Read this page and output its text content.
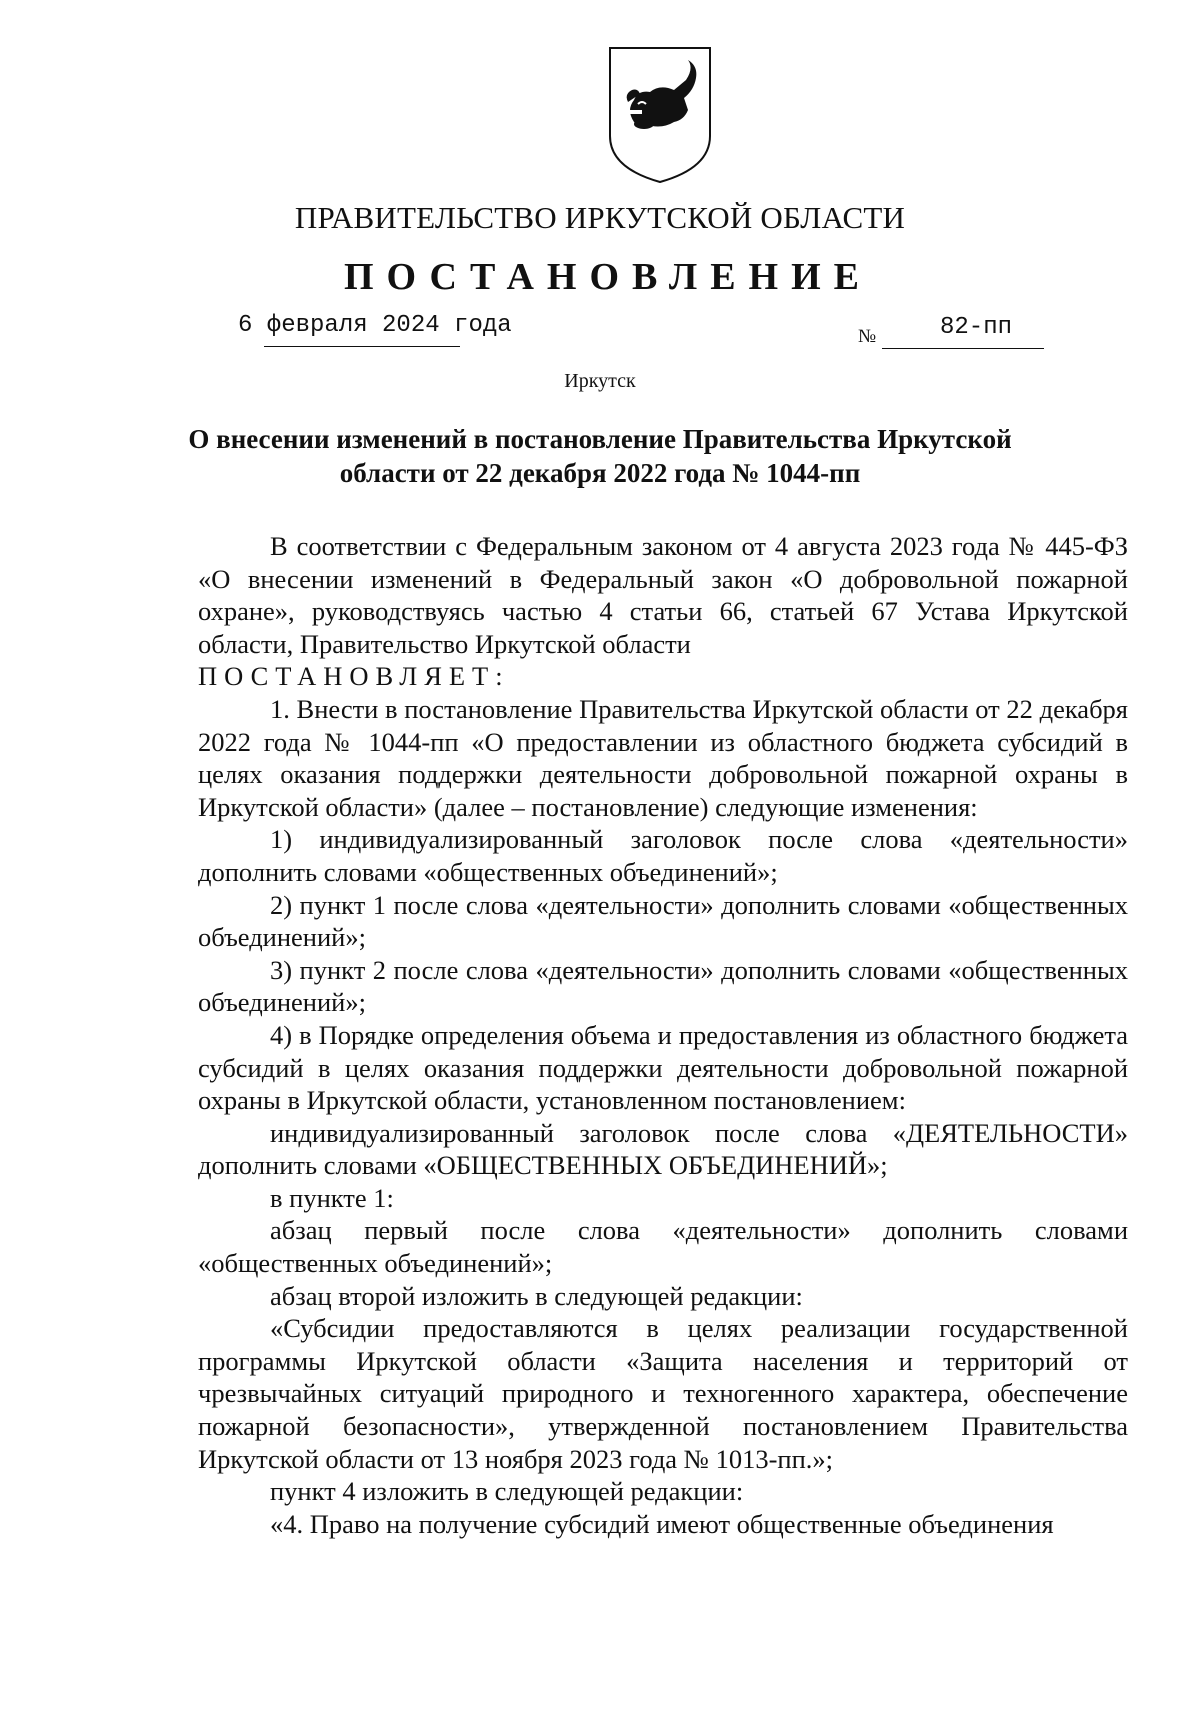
ПРАВИТЕЛЬСТВО ИРКУТСКОЙ ОБЛАСТИ
ПОСТАНОВЛЕНИЕ
6 февраля 2024 года	№	82-пп
Иркутск
О внесении изменений в постановление Правительства Иркутской области от 22 декабря 2022 года № 1044-пп

В соответствии с Федеральным законом от 4 августа 2023 года № 445-ФЗ «О внесении изменений в Федеральный закон «О добровольной пожарной охране», руководствуясь частью 4 статьи 66, статьей 67 Устава Иркутской области, Правительство Иркутской области

ПОСТАНОВЛЯЕТ:

1. Внести в постановление Правительства Иркутской области от 22 декабря 2022 года № 1044-пп «О предоставлении из областного бюджета субсидий в целях оказания поддержки деятельности добровольной пожарной охраны в Иркутской области» (далее – постановление) следующие изменения:

1) индивидуализированный заголовок после слова «деятельности» дополнить словами «общественных объединений»;

2) пункт 1 после слова «деятельности» дополнить словами «общественных объединений»;

3) пункт 2 после слова «деятельности» дополнить словами «общественных объединений»;

4) в Порядке определения объема и предоставления из областного бюджета субсидий в целях оказания поддержки деятельности добровольной пожарной охраны в Иркутской области, установленном постановлением:

индивидуализированный заголовок после слова «ДЕЯТЕЛЬНОСТИ» дополнить словами «ОБЩЕСТВЕННЫХ ОБЪЕДИНЕНИЙ»;

в пункте 1:

абзац первый после слова «деятельности» дополнить словами «общественных объединений»;

абзац второй изложить в следующей редакции:

«Субсидии предоставляются в целях реализации государственной программы Иркутской области «Защита населения и территорий от чрезвычайных ситуаций природного и техногенного характера, обеспечение пожарной безопасности», утвержденной постановлением Правительства Иркутской области от 13 ноября 2023 года № 1013-пп.»;

пункт 4 изложить в следующей редакции:

«4. Право на получение субсидий имеют общественные объединения
